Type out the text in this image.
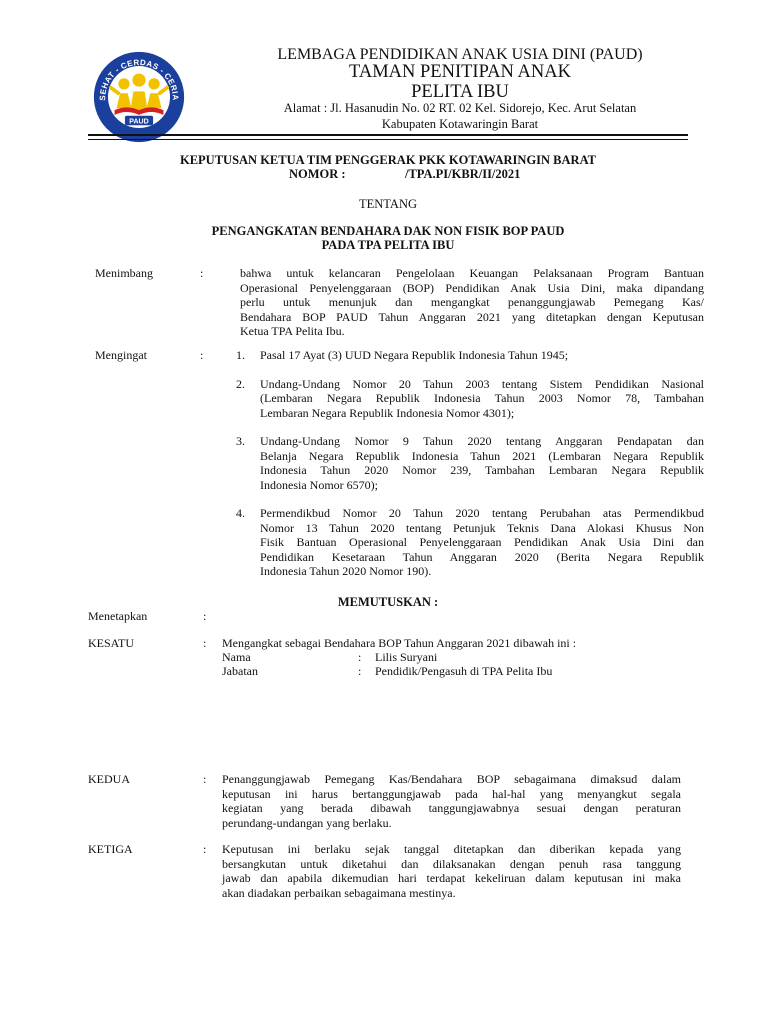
SEHAT - CERDAS - CERIA
PAUD
LEMBAGA PENDIDIKAN ANAK USIA DINI (PAUD)
TAMAN PENITIPAN ANAK
PELITA IBU
Alamat : Jl. Hasanudin No. 02 RT. 02 Kel. Sidorejo, Kec. Arut Selatan
Kabupaten Kotawaringin Barat
KEPUTUSAN KETUA TIM PENGGERAK PKK KOTAWARINGIN BARAT
NOMOR :	/TPA.PI/KBR/II/2021
TENTANG
PENGANGKATAN BENDAHARA DAK NON FISIK BOP PAUD
PADA TPA PELITA IBU
Menimbang	:	bahwa untuk kelancaran Pengelolaan Keuangan Pelaksanaan Program Bantuan
Operasional Penyelenggaraan (BOP) Pendidikan Anak Usia Dini, maka dipandang
perlu untuk menunjuk dan mengangkat penanggungjawab Pemegang Kas/
Bendahara BOP PAUD Tahun Anggaran 2021 yang ditetapkan dengan Keputusan
Ketua TPA Pelita Ibu.
Mengingat	:	1. Pasal 17 Ayat (3) UUD Negara Republik Indonesia Tahun 1945;
2. Undang-Undang Nomor 20 Tahun 2003 tentang Sistem Pendidikan Nasional
(Lembaran Negara Republik Indonesia Tahun 2003 Nomor 78, Tambahan
Lembaran Negara Republik Indonesia Nomor 4301);
3. Undang-Undang Nomor 9 Tahun 2020 tentang Anggaran Pendapatan dan
Belanja Negara Republik Indonesia Tahun 2021 (Lembaran Negara Republik
Indonesia Tahun 2020 Nomor 239, Tambahan Lembaran Negara Republik
Indonesia Nomor 6570);
4. Permendikbud Nomor 20 Tahun 2020 tentang Perubahan atas Permendikbud
Nomor 13 Tahun 2020 tentang Petunjuk Teknis Dana Alokasi Khusus Non
Fisik Bantuan Operasional Penyelenggaraan Pendidikan Anak Usia Dini dan
Pendidikan Kesetaraan Tahun Anggaran 2020 (Berita Negara Republik
Indonesia Tahun 2020 Nomor 190).
MEMUTUSKAN :
Menetapkan	:
KESATU	: Mengangkat sebagai Bendahara BOP Tahun Anggaran 2021 dibawah ini :
Nama	: Lilis Suryani
Jabatan	: Pendidik/Pengasuh di TPA Pelita Ibu
KEDUA	: Penanggungjawab Pemegang Kas/Bendahara BOP sebagaimana dimaksud dalam
keputusan ini harus bertanggungjawab pada hal-hal yang menyangkut segala
kegiatan yang berada dibawah tanggungjawabnya sesuai dengan peraturan
perundang-undangan yang berlaku.
KETIGA	: Keputusan ini berlaku sejak tanggal ditetapkan dan diberikan kepada yang
bersangkutan untuk diketahui dan dilaksanakan dengan penuh rasa tanggung
jawab dan apabila dikemudian hari terdapat kekeliruan dalam keputusan ini maka
akan diadakan perbaikan sebagaimana mestinya.
